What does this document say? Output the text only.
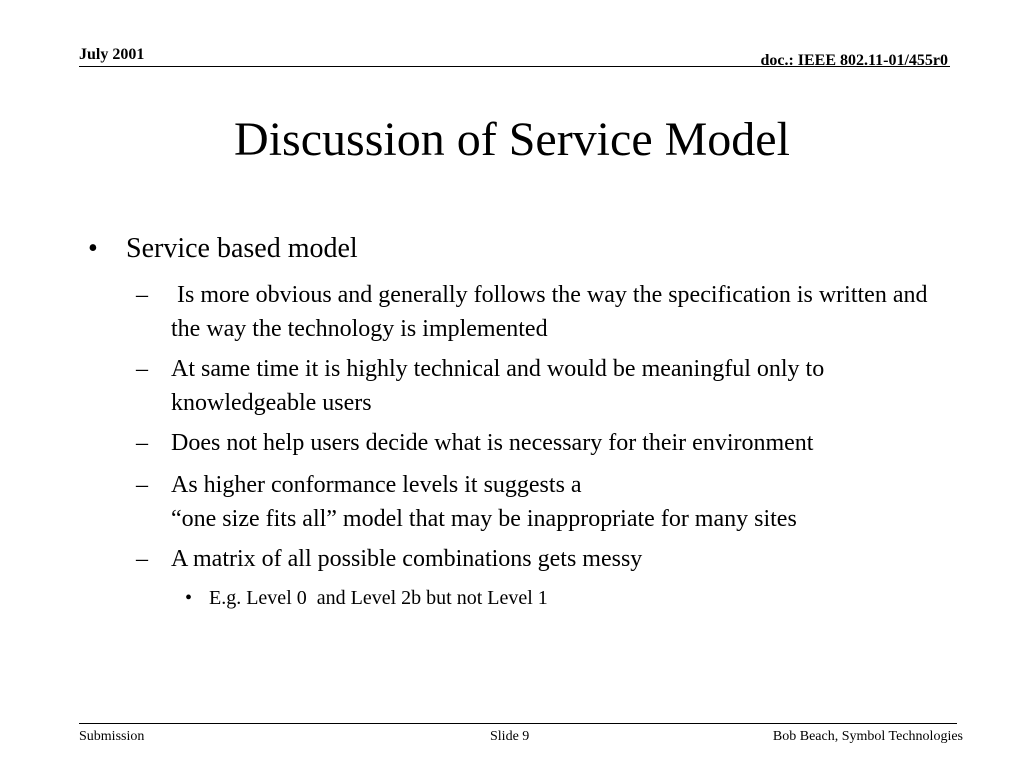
July 2001	doc.: IEEE 802.11-01/455r0
Discussion of Service Model
• Service based model
– Is more obvious and generally follows the way the specification is written and the way the technology is implemented
– At same time it is highly technical and would be meaningful only to knowledgeable users
– Does not help users decide what is necessary for their environment
– As higher conformance levels it suggests a
“one size fits all” model that may be inappropriate for many sites
– A matrix of all possible combinations gets messy
• E.g. Level 0  and Level 2b but not Level 1
Submission	Slide 9	Bob Beach, Symbol Technologies
